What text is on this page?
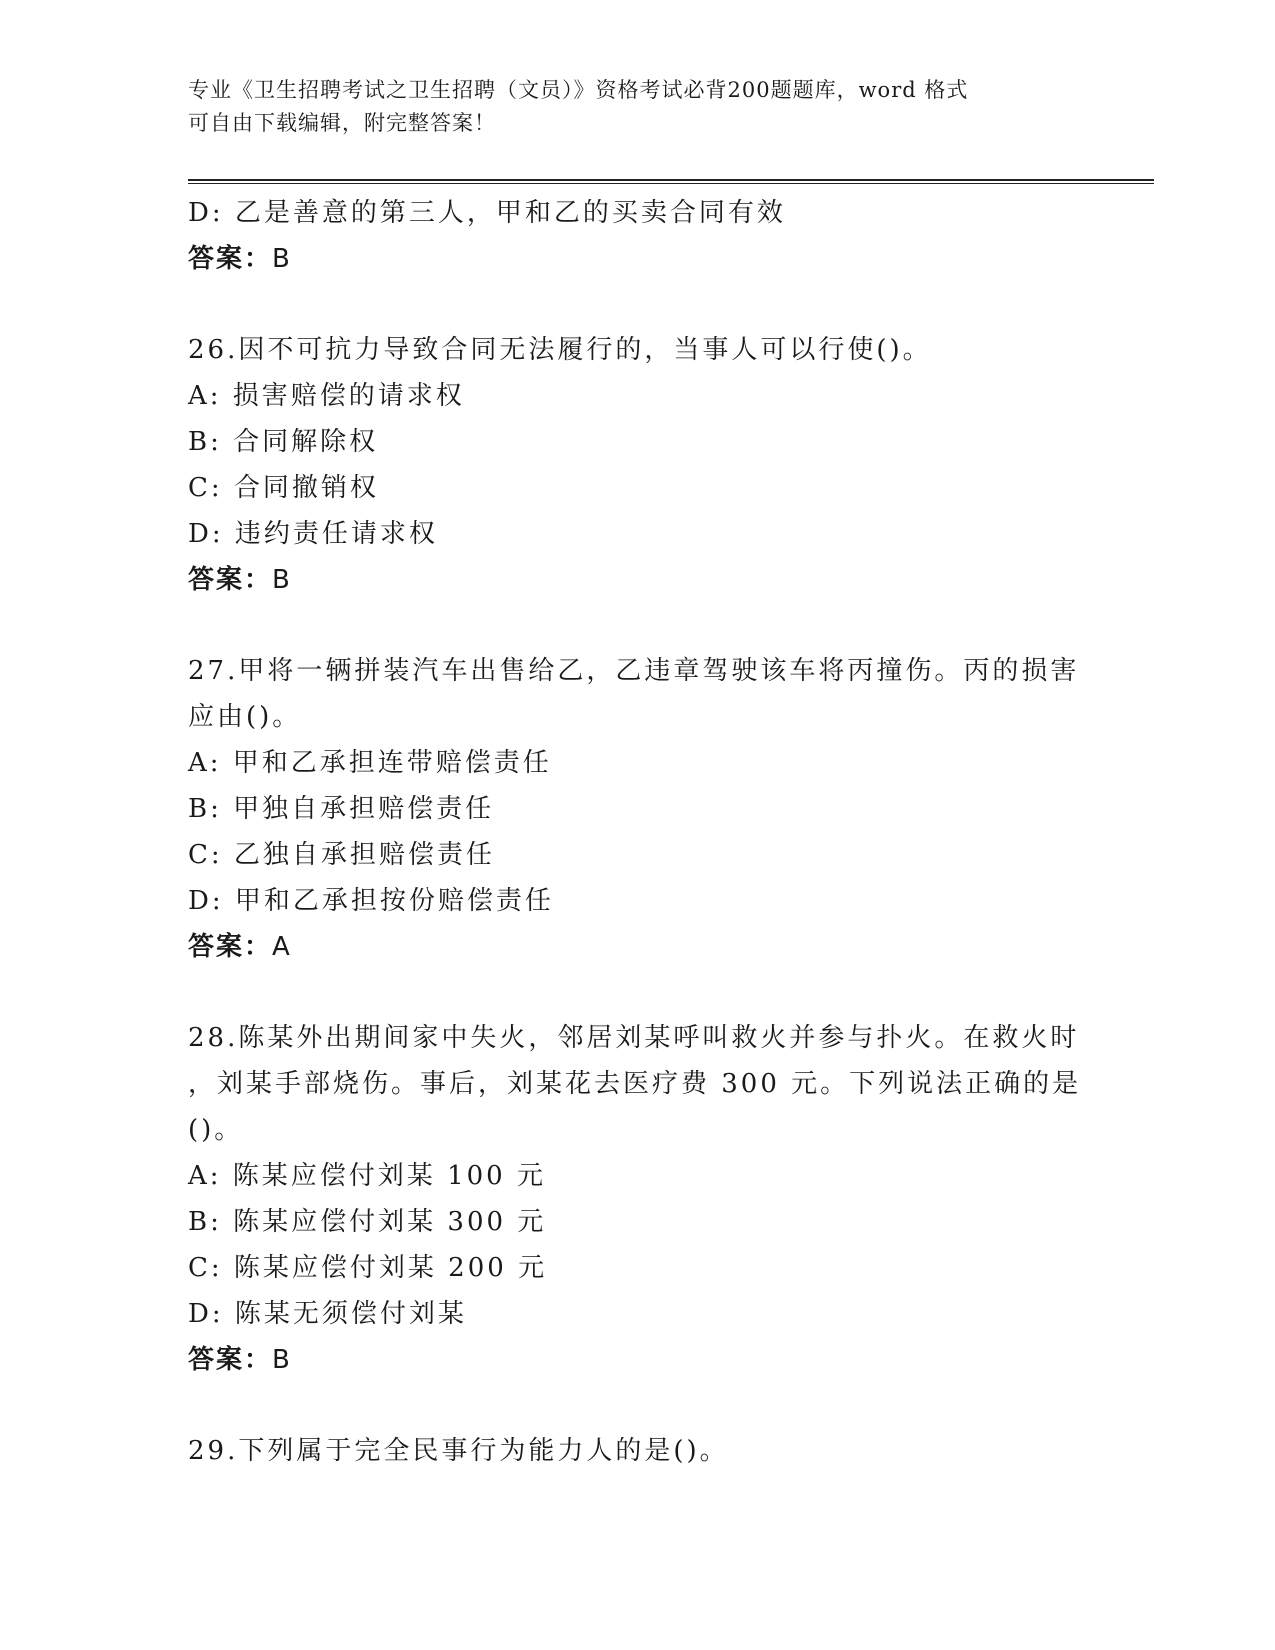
专业《卫生招聘考试之卫生招聘（文员）》资格考试必背200题题库，word 格式
可自由下载编辑，附完整答案！
D: 乙是善意的第三人，甲和乙的买卖合同有效
答案：B
26.因不可抗力导致合同无法履行的，当事人可以行使()。
A: 损害赔偿的请求权
B: 合同解除权
C: 合同撤销权
D: 违约责任请求权
答案：B
27.甲将一辆拼装汽车出售给乙，乙违章驾驶该车将丙撞伤。丙的损害
应由()。
A: 甲和乙承担连带赔偿责任
B: 甲独自承担赔偿责任
C: 乙独自承担赔偿责任
D: 甲和乙承担按份赔偿责任
答案：A
28.陈某外出期间家中失火，邻居刘某呼叫救火并参与扑火。在救火时
，刘某手部烧伤。事后，刘某花去医疗费 300 元。下列说法正确的是
()。
A: 陈某应偿付刘某 100 元
B: 陈某应偿付刘某 300 元
C: 陈某应偿付刘某 200 元
D: 陈某无须偿付刘某
答案：B
29.下列属于完全民事行为能力人的是()。
